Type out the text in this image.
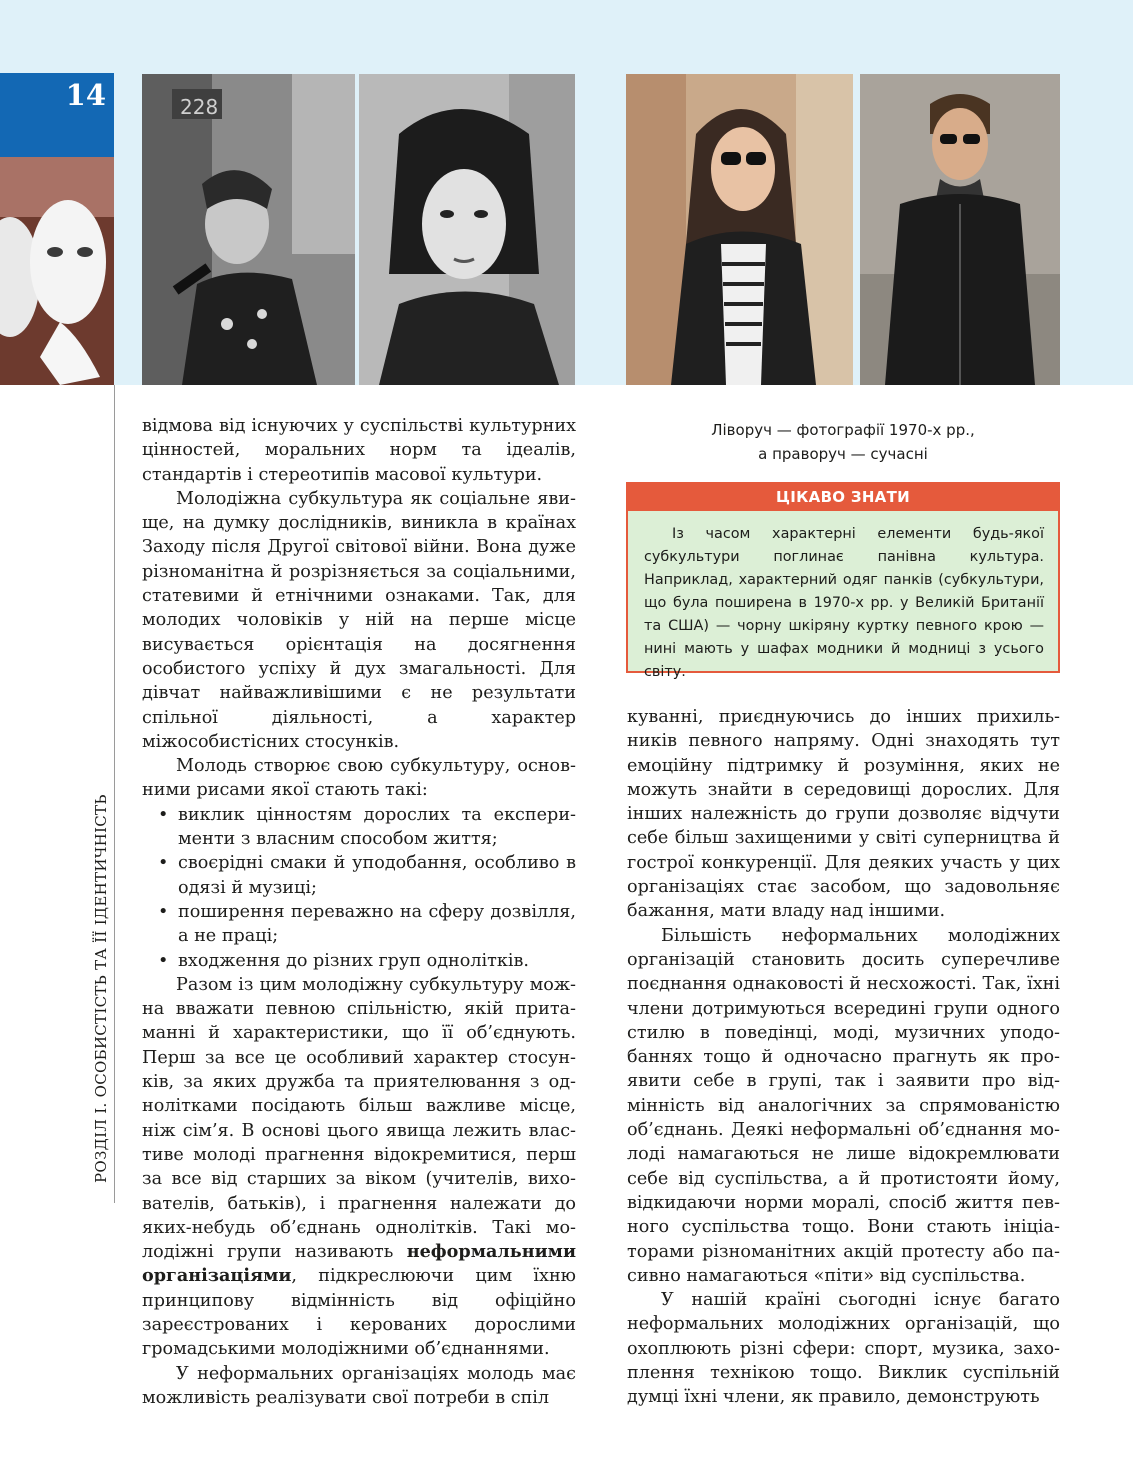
14	228
РОЗДІЛ І. ОСОБИСТІСТЬ ТА ЇЇ ІДЕНТИЧНІСТЬ

відмова від існуючих у суспільстві культурних цінностей, моральних норм та ідеалів, стандартів і стереотипів масової культури.

Молодіжна субкультура як соціальне явище, на думку дослідників, виникла в країнах Заходу після Другої світової війни. Вона дуже різноманітна й розрізняється за соціальними, статевими й етнічними ознаками. Так, для молодих чоловіків у ній на перше місце висувається орієнтація на досягнення особистого успіху й дух змагальності. Для дівчат найважливішими є не результати спільної діяльності, а характер міжособистісних стосунків.

Молодь створює свою субкультуру, основними рисами якої стають такі:

• виклик цінностям дорослих та експерименти з власним способом життя;
• своєрідні смаки й уподобання, особливо в одязі й музиці;
• поширення переважно на сферу дозвілля, а не праці;
• входження до різних груп однолітків.

Разом із цим молодіжну субкультуру можна вважати певною спільністю, якій притаманні й характеристики, що її об’єднують. Перш за все це особливий характер стосунків, за яких дружба та приятелювання з однолітками посідають більш важливе місце, ніж сім’я. В основі цього явища лежить властиве молоді прагнення відокремитися, перш за все від старших за віком (учителів, вихователів, батьків), і прагнення належати до яких-небудь об’єднань однолітків. Такі молодіжні групи називають неформальними організаціями, підкреслюючи цим їхню принципову відмінність від офіційно зареєстрованих і керованих дорослими громадськими молодіжними об’єднаннями.

У неформальних організаціях молодь має можливість реалізувати свої потреби в спіл

Ліворуч — фотографії 1970-х рр.,
а праворуч — сучасні
ЦІКАВО ЗНАТИ
Із часом характерні елементи будь-якої субкультури поглинає панівна культура. Наприклад, характерний одяг панків (субкультури, що була поширена в 1970-х рр. у Великій Британії та США) — чорну шкіряну куртку певного крою — нині мають у шафах модники й модниці з усього світу.

куванні, приєднуючись до інших прихильників певного напряму. Одні знаходять тут емоційну підтримку й розуміння, яких не можуть знайти в середовищі дорослих. Для інших належність до групи дозволяє відчути себе більш захищеними у світі суперництва й гострої конкуренції. Для деяких участь у цих організаціях стає засобом, що задовольняє бажання, мати владу над іншими.

Більшість неформальних молодіжних організацій становить досить суперечливе поєднання однаковості й несхожості. Так, їхні члени дотримуються всередині групи одного стилю в поведінці, моді, музичних уподобаннях тощо й одночасно прагнуть як проявити себе в групі, так і заявити про відмінність від аналогічних за спрямованістю об’єднань. Деякі неформальні об’єднання молоді намагаються не лише відокремлювати себе від суспільства, а й протистояти йому, відкидаючи норми моралі, спосіб життя певного суспільства тощо. Вони стають ініціаторами різноманітних акцій протесту або пасивно намагаються «піти» від суспільства.

У нашій країні сьогодні існує багато неформальних молодіжних організацій, що охоплюють різні сфери: спорт, музика, захоплення технікою тощо. Виклик суспільній думці їхні члени, як правило, демонструють
